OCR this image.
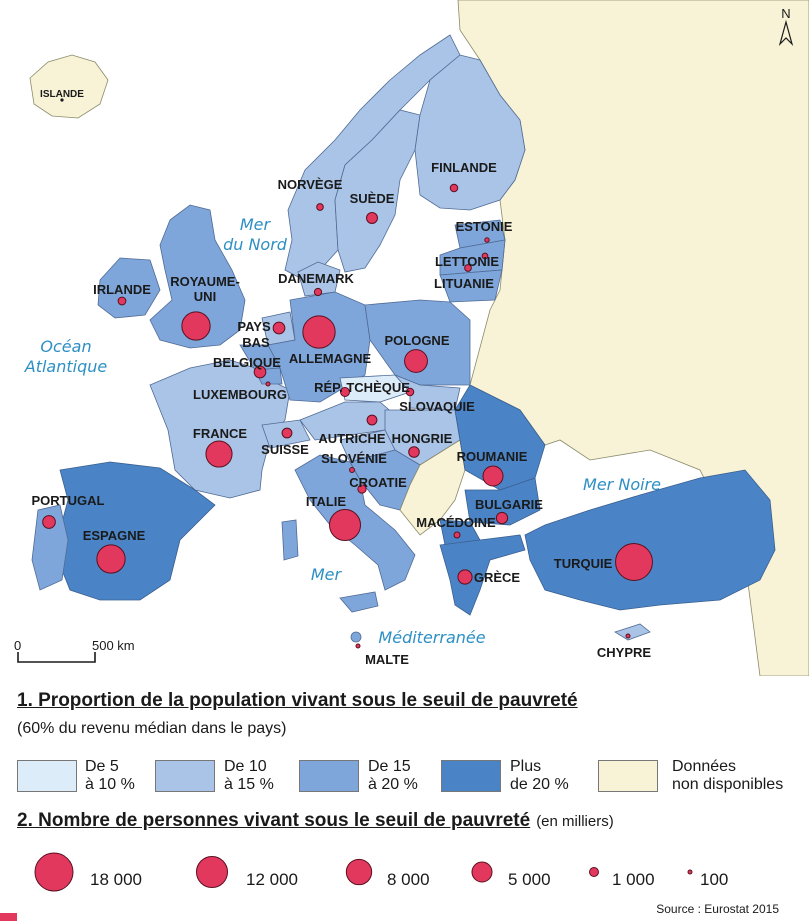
N
0	500 km
Mer
du Nord
Océan
Atlantique
Mer Noire
Mer
Méditerranée
ISLANDE
NORVÈGE
SUÈDE
FINLANDE
ESTONIE
LETTONIE
LITUANIE
IRLANDE
ROYAUME-
UNI
DANEMARK
PAYS
BAS
BELGIQUE
LUXEMBOURG
ALLEMAGNE
POLOGNE
RÉP. TCHÈQUE
SLOVAQUIE
FRANCE
SUISSE
AUTRICHE HONGRIE
SLOVÉNIE
CROATIE
ROUMANIE
BULGARIE
MACÉDOINE
PORTUGAL
ESPAGNE
ITALIE
GRÈCE
TURQUIE
MALTE	CHYPRE
1. Proportion de la population vivant sous le seuil de pauvreté
(60% du revenu médian dans le pays)
De 5
à 10 %
De 10
à 15 %
De 15
à 20 %
Plus
de 20 %
Données
non disponibles
2. Nombre de personnes vivant sous le seuil de pauvreté (en milliers)
18 000	12 000	8 000	5 000	1 000	100
Source : Eurostat 2015
